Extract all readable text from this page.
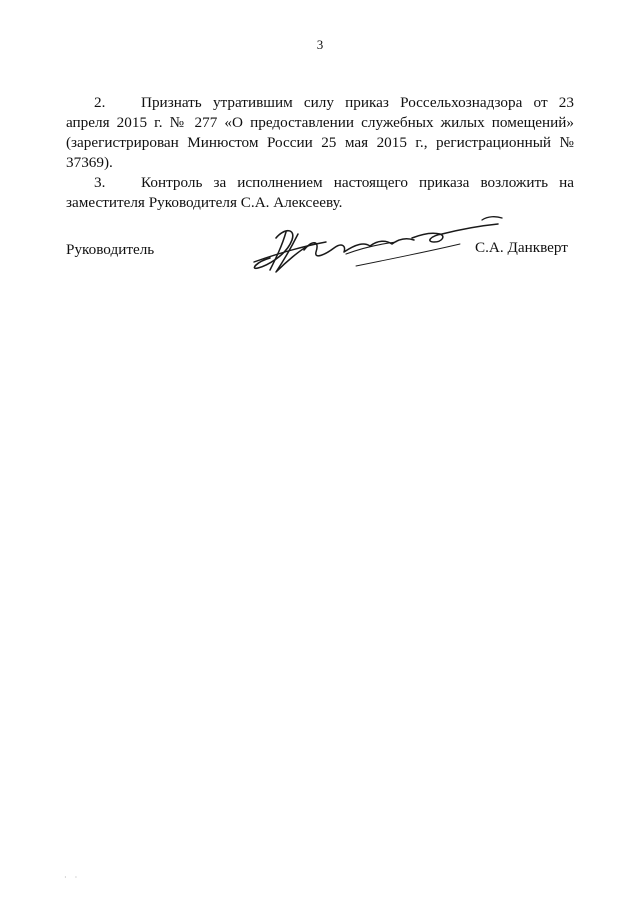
3

2. Признать утратившим силу приказ Россельхознадзора от 23 апреля 2015 г. № 277 «О предоставлении служебных жилых помещений» (зарегистрирован Минюстом России 25 мая 2015 г., регистрационный № 37369).

3. Контроль за исполнением настоящего приказа возложить на заместителя Руководителя С.А. Алексееву.

Руководитель	С.А. Данкверт
· ·
